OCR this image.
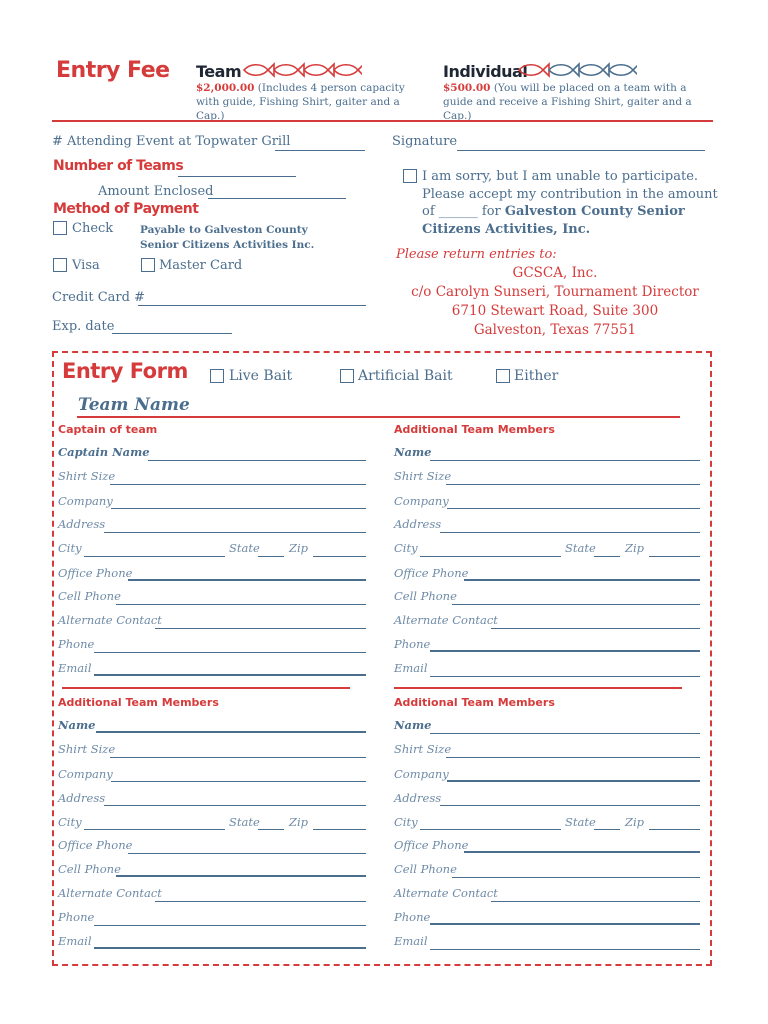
Entry Fee Team
$2,000.00 (Includes 4 person capacity
with guide, Fishing Shirt, gaiter and a Cap.)
Individual
$500.00 (You will be placed on a team with a
guide and receive a Fishing Shirt, gaiter and a Cap.)
# Attending Event at Topwater Grill
Number of Teams
Amount Enclosed
Method of Payment
Check	Payable to Galveston County
Senior Citizens Activities Inc.
Visa	Master Card
Credit Card #
Exp. date
Signature
I am sorry, but I am unable to participate.
Please accept my contribution in the amount
of ______ for Galveston County Senior
Citizens Activities, Inc.
Please return entries to:
GCSCA, Inc.
c/o Carolyn Sunseri, Tournament Director
6710 Stewart Road, Suite 300
Galveston, Texas 77551
Entry Form	Live Bait	Artificial Bait	Either
Team Name
Captain of team
Captain Name
Shirt Size
Company
Address
City	State	Zip
Office Phone
Cell Phone
Alternate Contact
Phone
Email
Additional Team Members
Name
Shirt Size
Company
Address
City	State	Zip
Office Phone
Cell Phone
Alternate Contact
Phone
Email
Additional Team Members
Name
Shirt Size
Company
Address
City	State	Zip
Office Phone
Cell Phone
Alternate Contact
Phone
Email
Additional Team Members
Name
Shirt Size
Company
Address
City	State	Zip
Office Phone
Cell Phone
Alternate Contact
Phone
Email
